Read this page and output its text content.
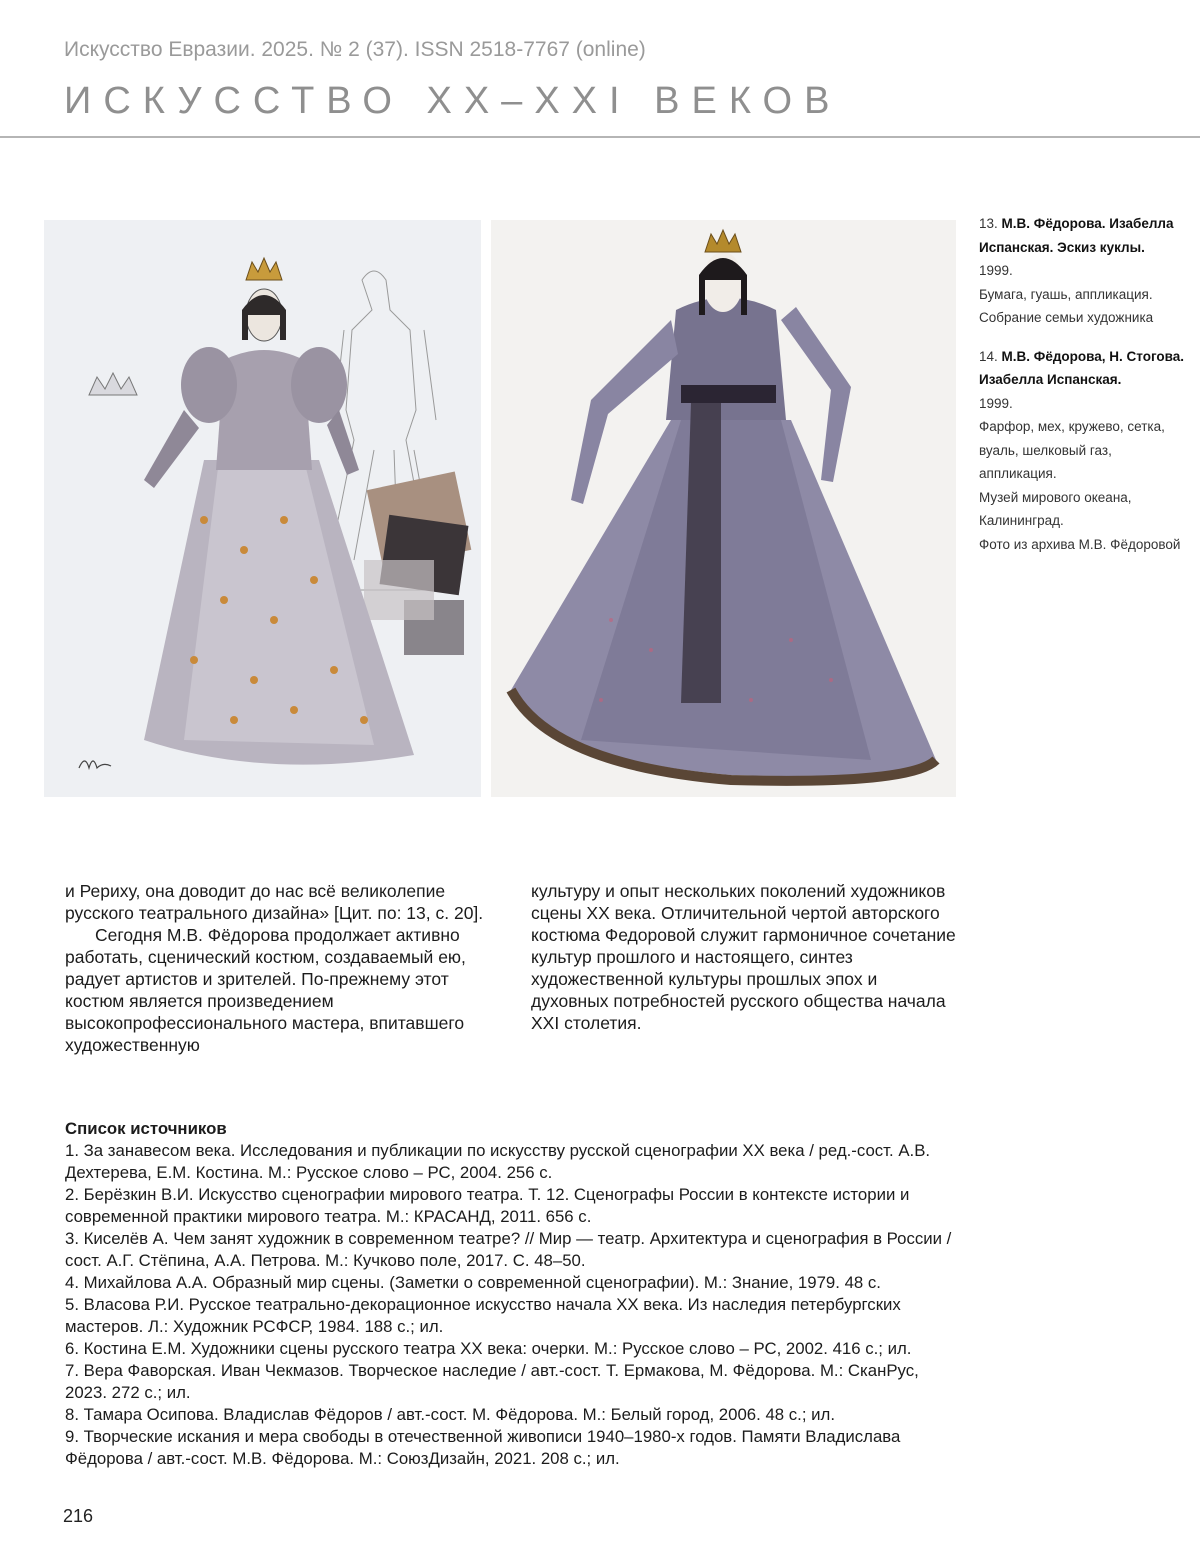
Искусство Евразии. 2025. № 2 (37). ISSN 2518-7767 (online)
ИСКУССТВО XX–XXI ВЕКОВ
13. М.В. Фёдорова. Изабелла Испанская. Эскиз куклы.
1999.
Бумага, гуашь, аппликация.
Собрание семьи художника
14. М.В. Фёдорова, Н. Стогова. Изабелла Испанская.
1999.
Фарфор, мех, кружево, сетка, вуаль, шелковый газ, аппликация.
Музей мирового океана, Калининград.
Фото из архива М.В. Фёдоровой

и Рериху, она доводит до нас всё великолепие русского театрального дизайна» [Цит. по: 13, с. 20].

Сегодня М.В. Фёдорова продолжает активно работать, сценический костюм, создаваемый ею, радует артистов и зрителей. По-прежнему этот костюм является произведением высокопрофессионального мастера, впитавшего художественную

культуру и опыт нескольких поколений художников сцены XX века. Отличительной чертой авторского костюма Федоровой служит гармоничное сочетание культур прошлого и настоящего, синтез художественной культуры прошлых эпох и духовных потребностей русского общества начала XXI столетия.

Список источников
1. За занавесом века. Исследования и публикации по искусству русской сценографии XX века / ред.-сост. А.В. Дехтерева, Е.М. Костина. М.: Русское слово – РС, 2004. 256 с.
2. Берёзкин В.И. Искусство сценографии мирового театра. Т. 12. Сценографы России в контексте истории и современной практики мирового театра. М.: КРАСАНД, 2011. 656 с.
3. Киселёв А. Чем занят художник в современном театре? // Мир — театр. Архитектура и сценография в России / сост. А.Г. Стёпина, А.А. Петрова. М.: Кучково поле, 2017. С. 48–50.
4. Михайлова А.А. Образный мир сцены. (Заметки о современной сценографии). М.: Знание, 1979. 48 с.
5. Власова Р.И. Русское театрально-декорационное искусство начала XX века. Из наследия петербургских мастеров. Л.: Художник РСФСР, 1984. 188 с.; ил.
6. Костина Е.М. Художники сцены русского театра XX века: очерки. М.: Русское слово – РС, 2002. 416 с.; ил.
7. Вера Фаворская. Иван Чекмазов. Творческое наследие / авт.-сост. Т. Ермакова, М. Фёдорова. М.: СканРус, 2023. 272 с.; ил.
8. Тамара Осипова. Владислав Фёдоров / авт.-сост. М. Фёдорова. М.: Белый город, 2006. 48 с.; ил.
9. Творческие искания и мера свободы в отечественной живописи 1940–1980-х годов. Памяти Владислава Фёдорова / авт.-сост. М.В. Фёдорова. М.: СоюзДизайн, 2021. 208 с.; ил.
216
